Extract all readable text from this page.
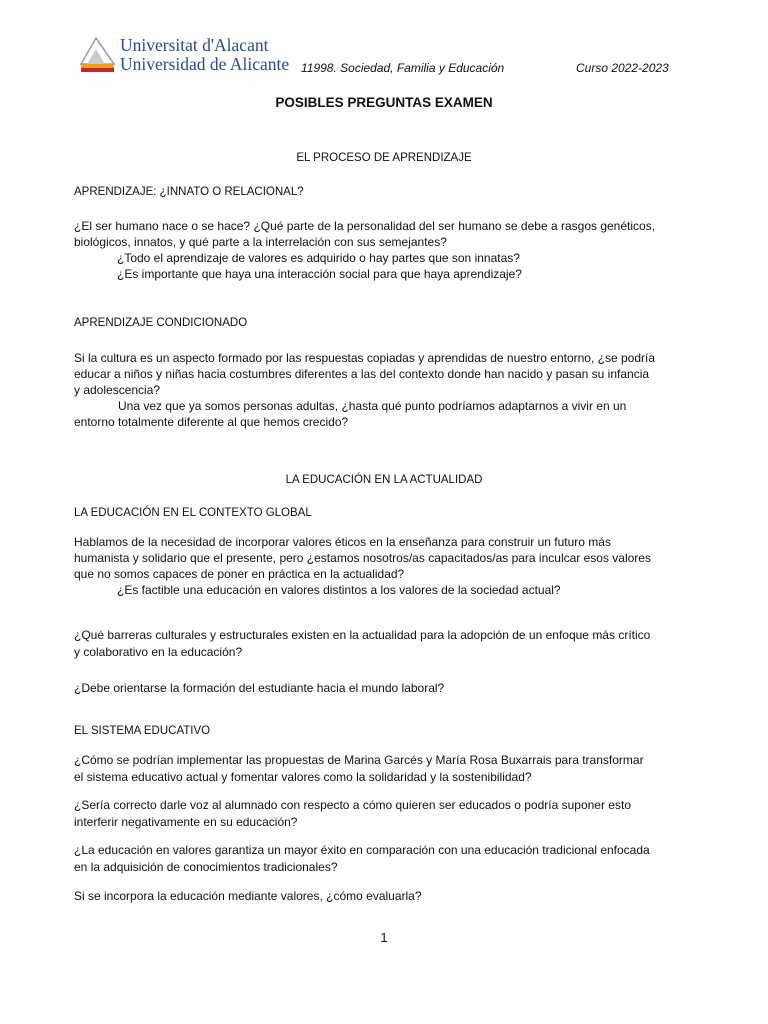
Universitat d'Alacant
Universidad de Alicante 11998. Sociedad, Familia y Educación	Curso 2022-2023
POSIBLES PREGUNTAS EXAMEN
EL PROCESO DE APRENDIZAJE
APRENDIZAJE: ¿INNATO O RELACIONAL?
¿El ser humano nace o se hace? ¿Qué parte de la personalidad del ser humano se debe a rasgos genéticos,
biológicos, innatos, y qué parte a la interrelación con sus semejantes?
¿Todo el aprendizaje de valores es adquirido o hay partes que son innatas?
¿Es importante que haya una interacción social para que haya aprendizaje?
APRENDIZAJE CONDICIONADO
Si la cultura es un aspecto formado por las respuestas copiadas y aprendidas de nuestro entorno, ¿se podría
educar a niños y niñas hacia costumbres diferentes a las del contexto donde han nacido y pasan su infancia
y adolescencia?
Una vez que ya somos personas adultas, ¿hasta qué punto podríamos adaptarnos a vivir en un
entorno totalmente diferente al que hemos crecido?
LA EDUCACIÓN EN LA ACTUALIDAD
LA EDUCACIÓN EN EL CONTEXTO GLOBAL
Hablamos de la necesidad de incorporar valores éticos en la enseñanza para construir un futuro más
humanista y solidario que el presente, pero ¿estamos nosotros/as capacitados/as para inculcar esos valores
que no somos capaces de poner en práctica en la actualidad?
¿Es factible una educación en valores distintos a los valores de la sociedad actual?
¿Qué barreras culturales y estructurales existen en la actualidad para la adopción de un enfoque más crítico
y colaborativo en la educación?
¿Debe orientarse la formación del estudiante hacia el mundo laboral?
EL SISTEMA EDUCATIVO
¿Cómo se podrían implementar las propuestas de Marina Garcés y María Rosa Buxarrais para transformar
el sistema educativo actual y fomentar valores como la solidaridad y la sostenibilidad?
¿Sería correcto darle voz al alumnado con respecto a cómo quieren ser educados o podría suponer esto
interferir negativamente en su educación?
¿La educación en valores garantiza un mayor éxito en comparación con una educación tradicional enfocada
en la adquisición de conocimientos tradicionales?
Si se incorpora la educación mediante valores, ¿cómo evaluarla?
1
